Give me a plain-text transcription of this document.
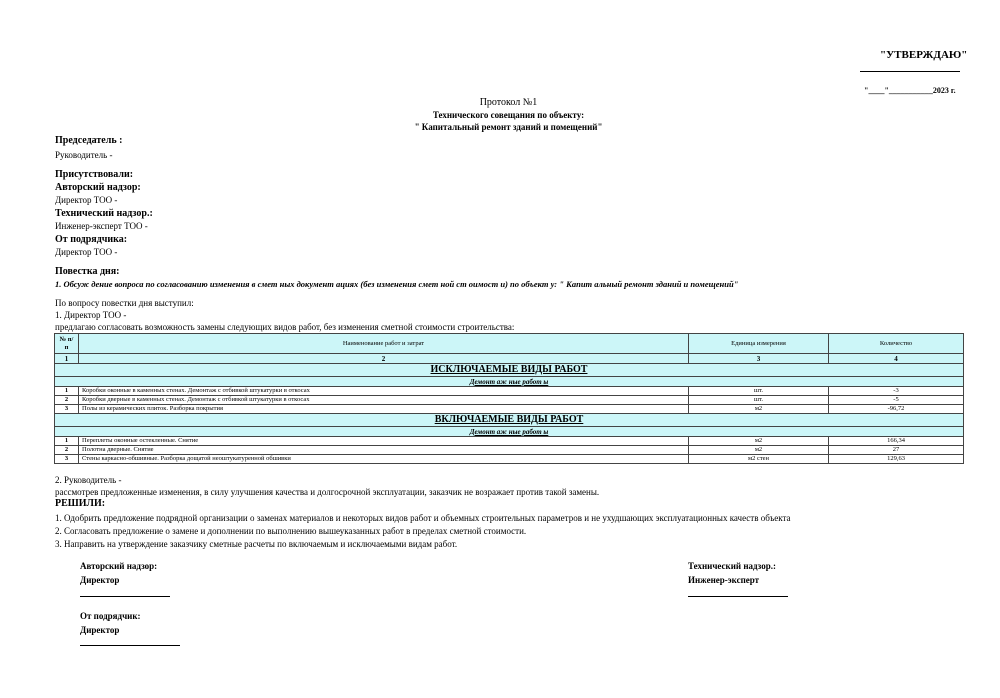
"УТВЕРЖДАЮ"
"____"___________2023 г.
Протокол №1
Технического совещания по объекту:
" Капитальный ремонт зданий и помещений"
Председатель :
Руководитель -
Присутствовали:
Авторский надзор:
Директор ТОО -
Технический надзор.:
Инженер-эксперт ТОО -
От подрядчика:
Директор ТОО -
Повестка дня:
1. Обсуж дение вопроса по согласованию изменения в смет ных документ ациях (без изменения смет ной ст оимост и) по объект у: " Капит альный ремонт зданий и помещений"
По вопросу повестки дня выступил:
1. Директор ТОО -
предлагаю согласовать возможность замены следующих видов работ, без изменения сметной стоимости строительства:
№ п/п	Наименование работ и затрат	Единица измерения	Количество
1	2	3	4
ИСКЛЮЧАЕМЫЕ ВИДЫ РАБОТ			
Демонт аж ные работ ы			
1	Коробки оконные в каменных стенах. Демонтаж с отбивкой штукатурки в откосах	шт.	-3
2	Коробки дверные в каменных стенах. Демонтаж с отбивкой штукатурки в откосах	шт.	-5
3	Полы из керамических плиток. Разборка покрытия	м2	-96,72
ВКЛЮЧАЕМЫЕ ВИДЫ РАБОТ			
Демонт аж ные работ ы			
1	Переплеты оконные остекленные. Снятие	м2	166,34
2	Полотна дверные. Снятие	м2	27
3	Стены каркасно-обшивные. Разборка дощатой неоштукатуренной обшивки	м2 стен	129,63
2. Руководитель -
рассмотрев предложенные изменения, в силу улучшения качества и долгосрочной эксплуатации, заказчик не возражает против такой замены.
РЕШИЛИ:
1. Одобрить предложение подрядной организации о заменах материалов и некоторых видов работ и объемных строительных параметров и не ухудшающих эксплуатационных качеств объекта
2. Согласовать предложение о замене и дополнении по выполнению вышеуказанных работ в пределах сметной стоимости.
3. Направить на утверждение заказчику сметные расчеты по включаемым и исключаемыми видам работ.
Авторский надзор:
Директор
Технический надзор.:
Инженер-эксперт
От подрядчик:
Директор
